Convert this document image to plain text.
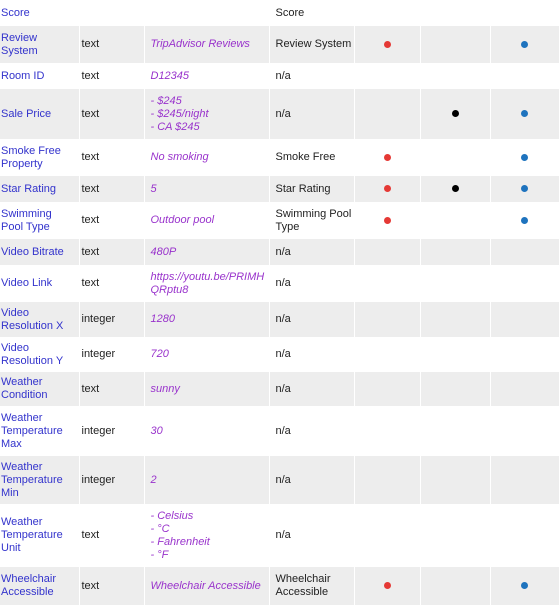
Score			Score			
Review System	text	TripAdvisor Reviews	Review System			
Room ID	text	D12345	n/a			
Sale Price	text	- $245
- $245/night
- CA $245	n/a			
Smoke Free Property	text	No smoking	Smoke Free			
Star Rating	text	5	Star Rating			
Swimming Pool Type	text	Outdoor pool	Swimming Pool Type			
Video Bitrate	text	480P	n/a			
Video Link	text	https://youtu.be/PRIMHQRptu8	n/a			
Video Resolution X	integer	1280	n/a			
Video Resolution Y	integer	720	n/a			
Weather Condition	text	sunny	n/a			
Weather Temperature Max	integer	30	n/a			
Weather Temperature Min	integer	2	n/a			
Weather Temperature Unit	text	- Celsius
- °C
- Fahrenheit
- °F	n/a			
Wheelchair Accessible	text	Wheelchair Accessible	Wheelchair Accessible			
